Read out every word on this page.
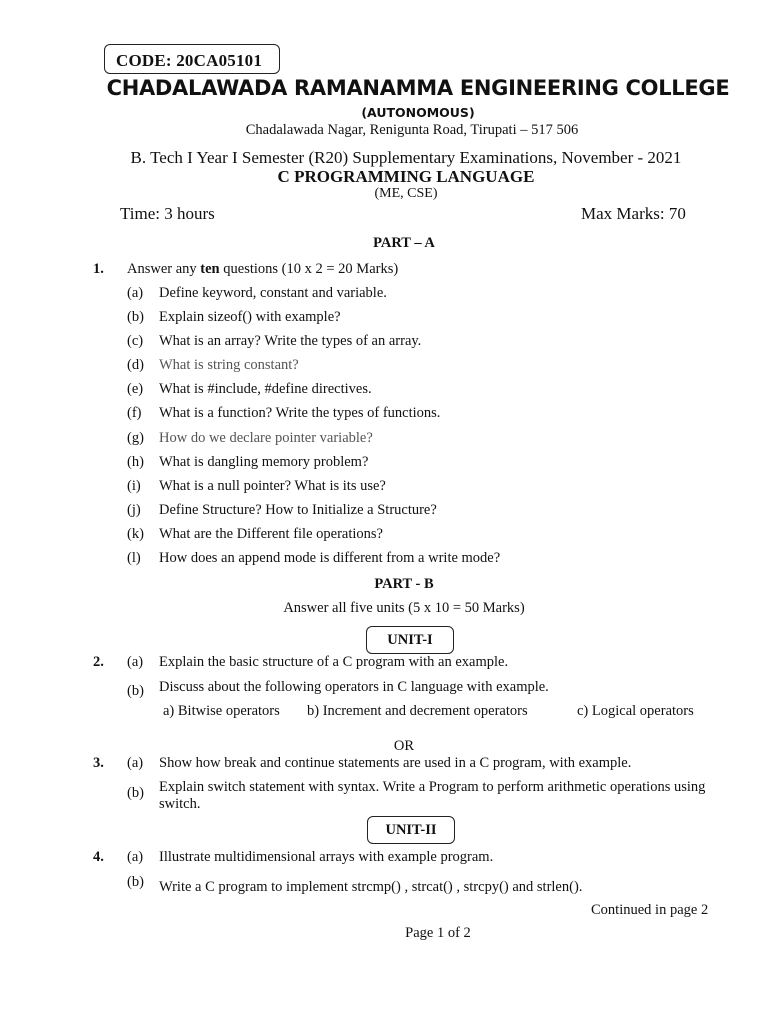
CODE: 20CA05101
CHADALAWADA RAMANAMMA ENGINEERING COLLEGE
(AUTONOMOUS)
Chadalawada Nagar, Renigunta Road, Tirupati – 517 506
B. Tech I Year I Semester (R20) Supplementary Examinations, November - 2021
C PROGRAMMING LANGUAGE
(ME, CSE)
Time: 3 hours	Max Marks: 70
PART – A
1. Answer any ten questions (10 x 2 = 20 Marks)
(a) Define keyword, constant and variable.
(b) Explain sizeof() with example?
(c) What is an array? Write the types of an array.
(d) What is string constant?
(e) What is #include, #define directives.
(f) What is a function? Write the types of functions.
(g) How do we declare pointer variable?
(h) What is dangling memory problem?
(i) What is a null pointer? What is its use?
(j) Define Structure? How to Initialize a Structure?
(k) What are the Different file operations?
(l) How does an append mode is different from a write mode?
PART - B
Answer all five units (5 x 10 = 50 Marks)
UNIT-I
2. (a) Explain the basic structure of a C program with an example.
(b) Discuss about the following operators in C language with example.
a) Bitwise operators b) Increment and decrement operators	c) Logical operators
OR
3. (a) Show how break and continue statements are used in a C program, with example.
(b) Explain switch statement with syntax. Write a Program to perform arithmetic operations using switch.
UNIT-II
4. (a) Illustrate multidimensional arrays with example program.
(b) Write a C program to implement strcmp() , strcat() , strcpy() and strlen().
Continued in page 2
Page 1 of 2
